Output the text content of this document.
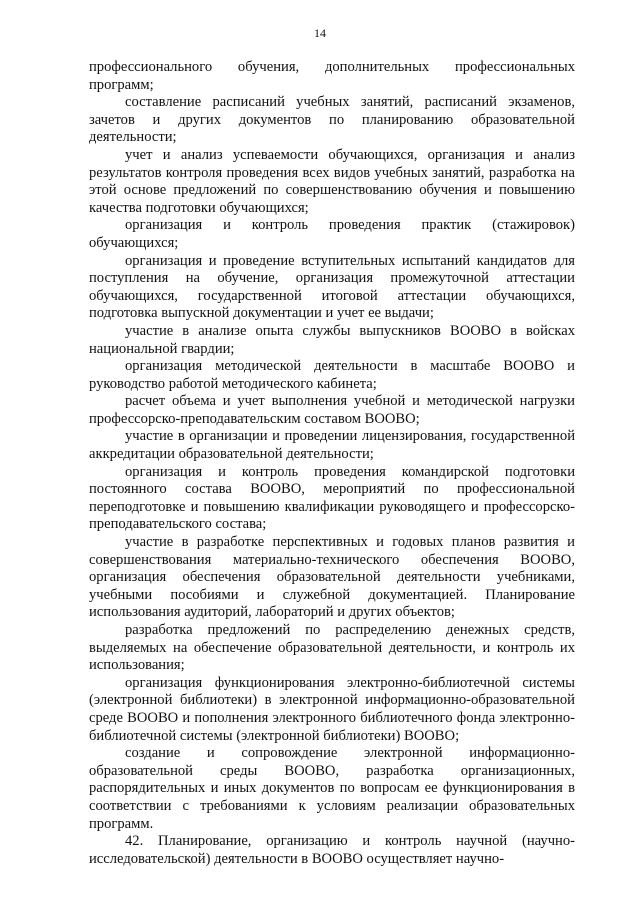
14

профессионального обучения, дополнительных профессиональных программ;

составление расписаний учебных занятий, расписаний экзаменов, зачетов и других документов по планированию образовательной деятельности;

учет и анализ успеваемости обучающихся, организация и анализ результатов контроля проведения всех видов учебных занятий, разработка на этой основе предложений по совершенствованию обучения и повышению качества подготовки обучающихся;

организация и контроль проведения практик (стажировок) обучающихся;

организация и проведение вступительных испытаний кандидатов для поступления на обучение, организация промежуточной аттестации обучающихся, государственной итоговой аттестации обучающихся, подготовка выпускной документации и учет ее выдачи;

участие в анализе опыта службы выпускников ВООВО в войсках национальной гвардии;

организация методической деятельности в масштабе ВООВО и руководство работой методического кабинета;

расчет объема и учет выполнения учебной и методической нагрузки профессорско-преподавательским составом ВООВО;

участие в организации и проведении лицензирования, государственной аккредитации образовательной деятельности;

организация и контроль проведения командирской подготовки постоянного состава ВООВО, мероприятий по профессиональной переподготовке и повышению квалификации руководящего и профессорско-преподавательского состава;

участие в разработке перспективных и годовых планов развития и совершенствования материально-технического обеспечения ВООВО, организация обеспечения образовательной деятельности учебниками, учебными пособиями и служебной документацией. Планирование использования аудиторий, лабораторий и других объектов;

разработка предложений по распределению денежных средств, выделяемых на обеспечение образовательной деятельности, и контроль их использования;

организация функционирования электронно-библиотечной системы (электронной библиотеки) в электронной информационно-образовательной среде ВООВО и пополнения электронного библиотечного фонда электронно-библиотечной системы (электронной библиотеки) ВООВО;

создание и сопровождение электронной информационно-образовательной среды ВООВО, разработка организационных, распорядительных и иных документов по вопросам ее функционирования в соответствии с требованиями к условиям реализации образовательных программ.

42. Планирование, организацию и контроль научной (научно-исследовательской) деятельности в ВООВО осуществляет научно-
